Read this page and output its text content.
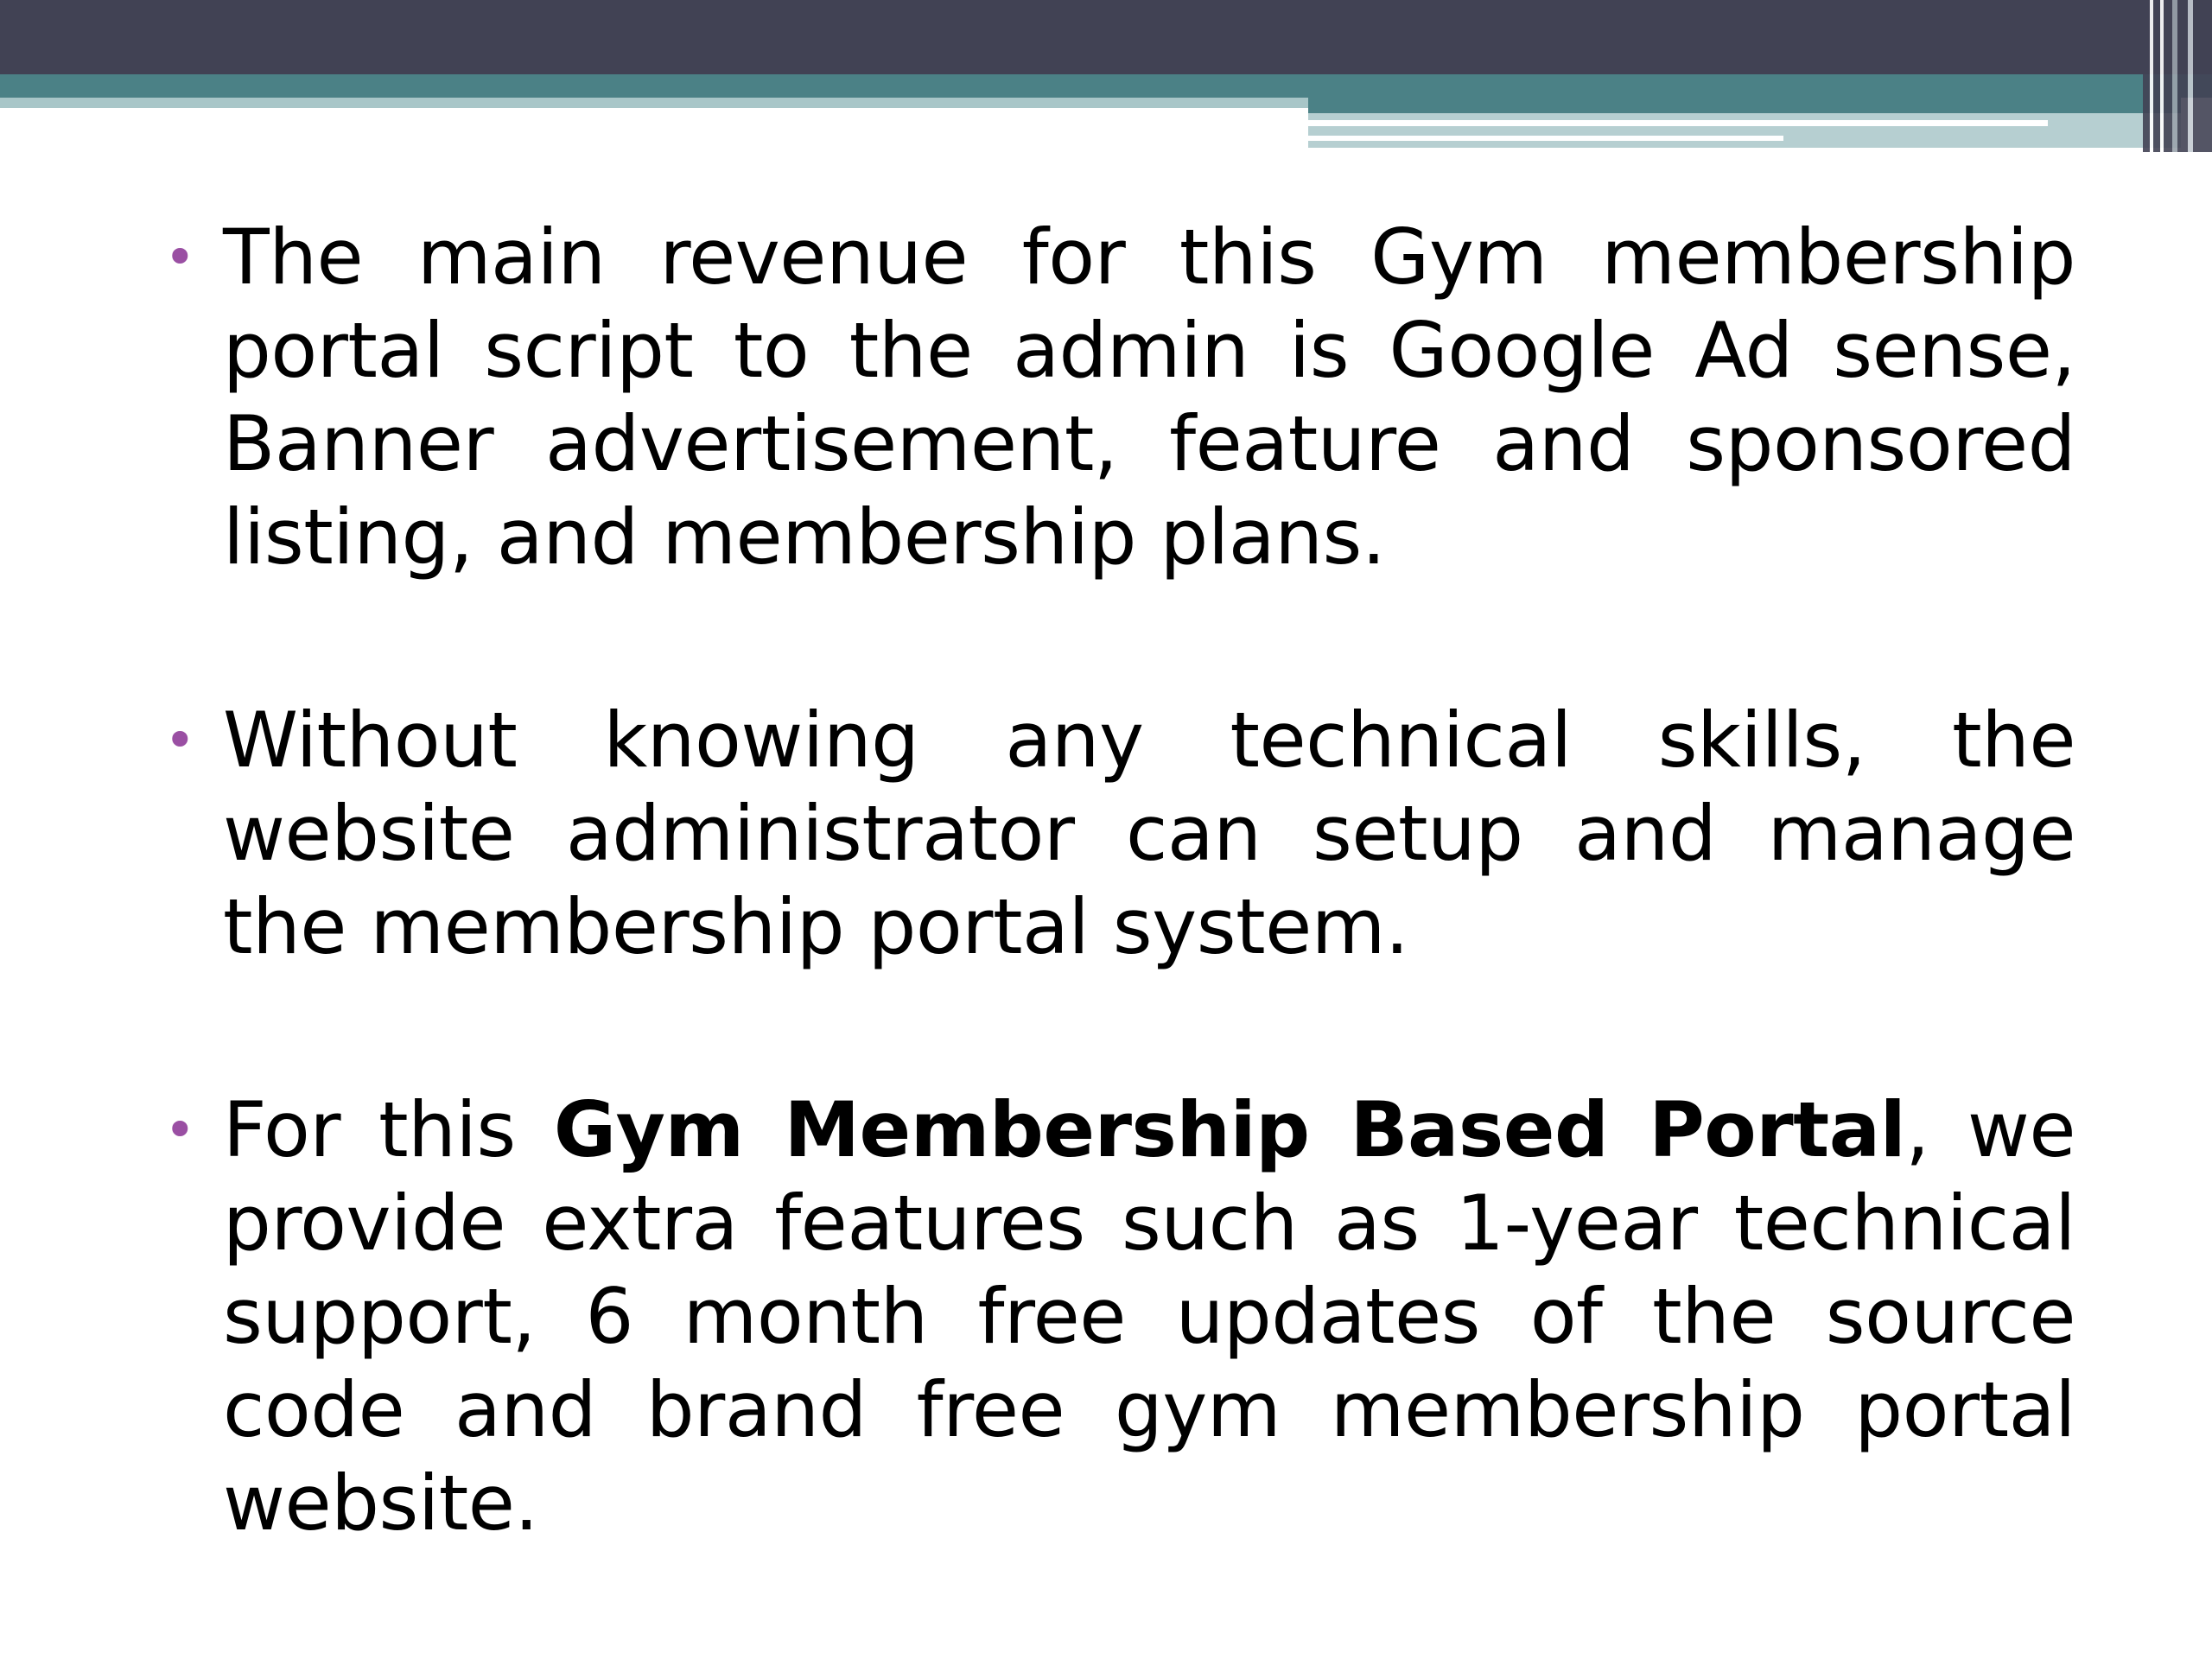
• The main revenue for this Gym membership portal script to the admin is Google Ad sense, Banner advertisement, feature and sponsored listing, and membership plans.
• Without knowing any technical skills, the website administrator can setup and manage the membership portal system.
• For this Gym Membership Based Portal, we provide extra features such as 1-year technical support, 6 month free updates of the source code and brand free gym membership portal website.
